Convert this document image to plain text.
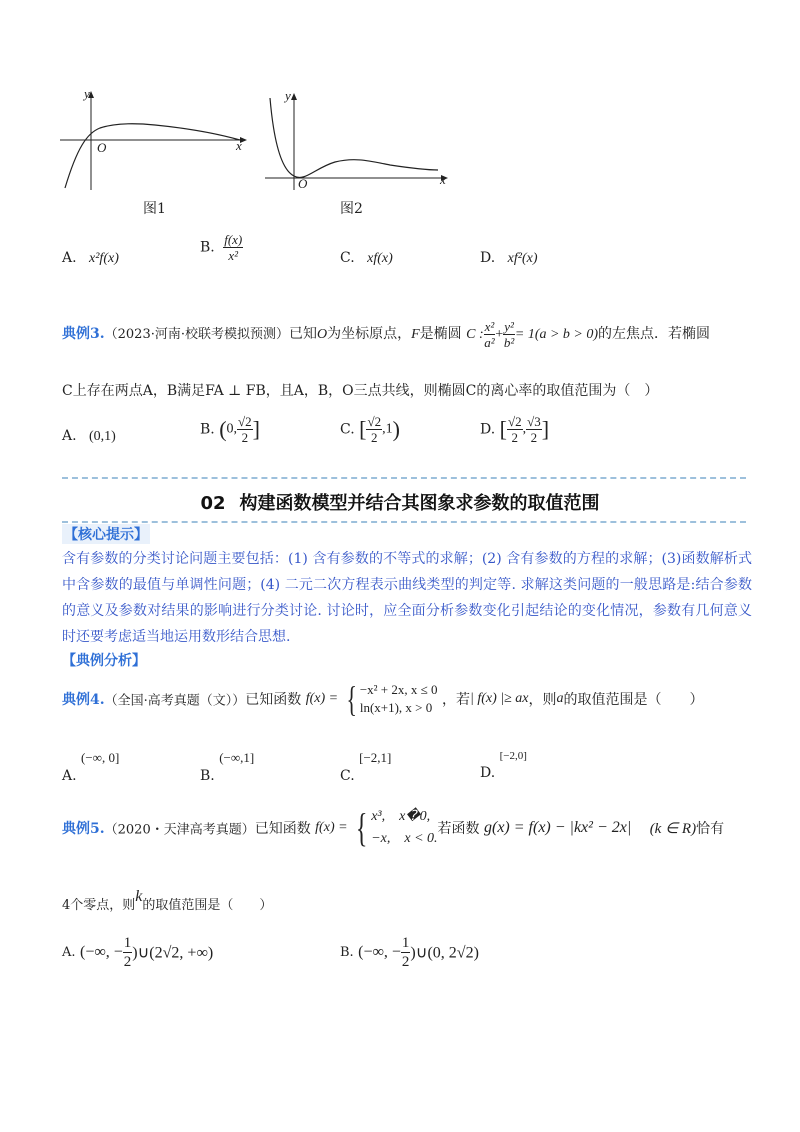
y
x
O
图1
y
x
O
图2
A. x²f(x)
B. $\frac{f(x)}{\text{x²}}$	C. xf(x)	D. xf²(x)
典例3.（2023·河南·校联考模拟预测）已知O为坐标原点，F是椭圆 C : $\frac{\text{x²}}{\text{a²}} + \frac{\text{y²}}{\text{b²}} = 1(a > b > 0)$的左焦点．若椭圆
C上存在两点A，B满足FA ⊥ FB，且A，B，O三点共线，则椭圆C的离心率的取值范围为（　）
A. (0,1)	B. (0, $\frac{√2}{2}$ ]	C. [ $\frac{√2}{2} ,1$)	D. [ $\frac{√2}{2}$ , $\frac{√3}{2}$ ]
02 构建函数模型并结合其图象求参数的取值范围
【核心提示】
含有参数的分类讨论问题主要包括：(1) 含有参数的不等式的求解；(2) 含有参数的方程的求解；(3)函数解析式中含参数的最值与单调性问题；(4) 二元二次方程表示曲线类型的判定等. 求解这类问题的一般思路是:结合参数的意义及参数对结果的影响进行分类讨论. 讨论时，应全面分析参数变化引起结论的变化情况，参数有几何意义时还要考虑适当地运用数形结合思想.
【典例分析】
典例4.（全国·高考真题（文））已知函数 f(x) = { −x² + 2x, x ≤ 0
ln(x+1), x > 0 ，若| f(x) |≥ ax，则a的取值范围是（　　）
A. (−∞, 0]
B. (−∞,1]
C. [−2,1]
D. [−2,0]
典例5.（2020・天津高考真题）已知函数 f(x) = { x³,　x�0,
−x,　x < 0.
若函数 g(x) = f(x) − |kx² − 2x| (k ∈ R)恰有
4个零点，则k的取值范围是（　　）
A. (−∞, − $\frac{1}{2}$ )∪(2√2, +∞)	B. (−∞, − $\frac{1}{2}$ )∪(0, 2√2)
